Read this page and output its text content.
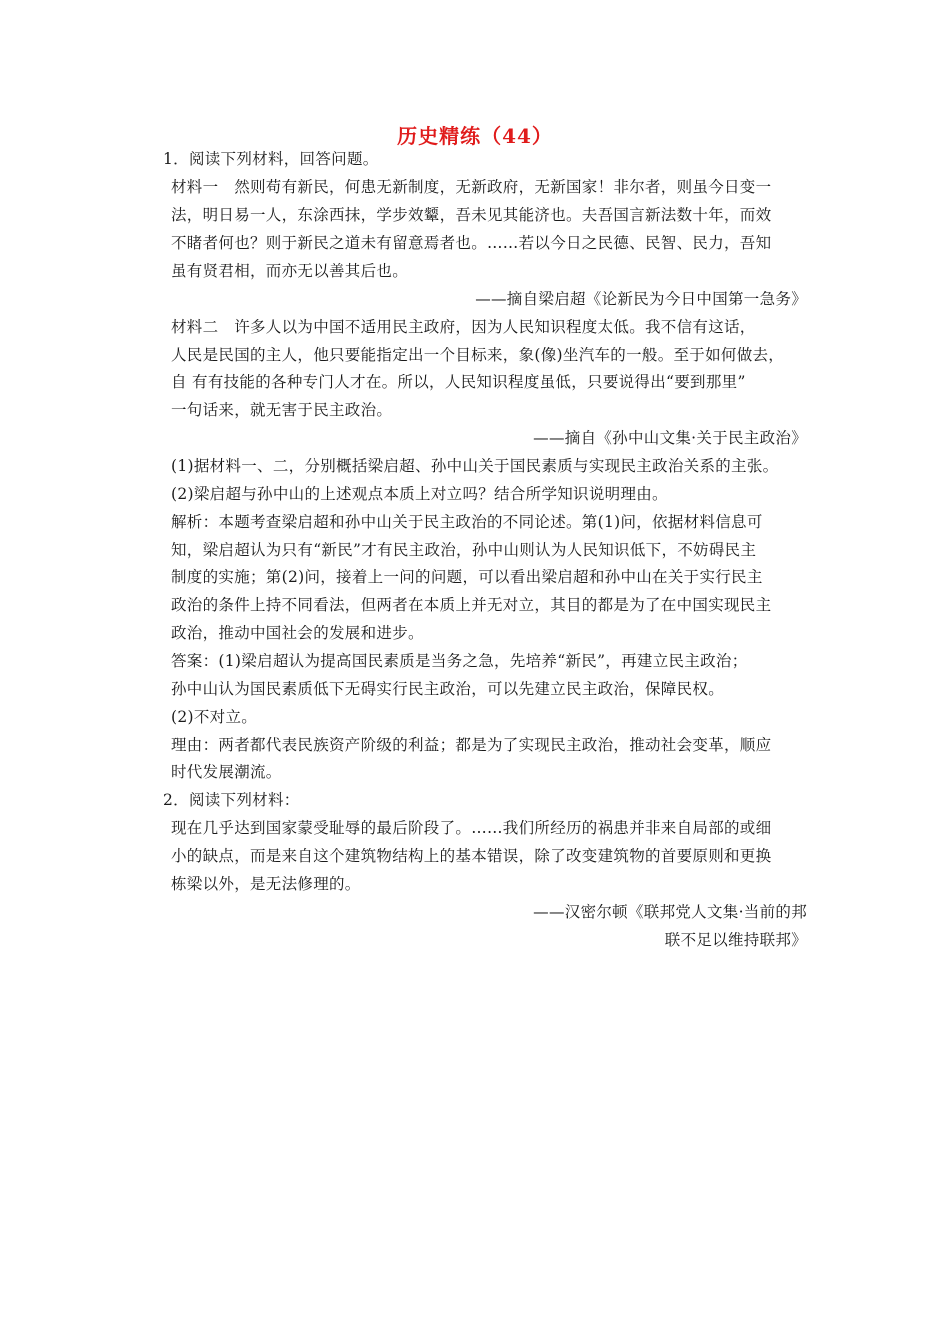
历史精练（44）
1．阅读下列材料，回答问题。
材料一　然则苟有新民，何患无新制度，无新政府，无新国家！非尔者，则虽今日变一
法，明日易一人，东涂西抹，学步效颦，吾未见其能济也。夫吾国言新法数十年，而效
不睹者何也？则于新民之道未有留意焉者也。……若以今日之民德、民智、民力，吾知
虽有贤君相，而亦无以善其后也。
——摘自梁启超《论新民为今日中国第一急务》
材料二　许多人以为中国不适用民主政府，因为人民知识程度太低。我不信有这话，
人民是民国的主人，他只要能指定出一个目标来，象(像)坐汽车的一般。至于如何做去，
自 有有技能的各种专门人才在。所以，人民知识程度虽低，只要说得出“要到那里”
一句话来，就无害于民主政治。
——摘自《孙中山文集·关于民主政治》
(1)据材料一、二，分别概括梁启超、孙中山关于国民素质与实现民主政治关系的主张。
(2)梁启超与孙中山的上述观点本质上对立吗？结合所学知识说明理由。
解析：本题考查梁启超和孙中山关于民主政治的不同论述。第(1)问，依据材料信息可
知，梁启超认为只有“新民”才有民主政治，孙中山则认为人民知识低下，不妨碍民主
制度的实施；第(2)问，接着上一问的问题，可以看出梁启超和孙中山在关于实行民主
政治的条件上持不同看法，但两者在本质上并无对立，其目的都是为了在中国实现民主
政治，推动中国社会的发展和进步。
答案：(1)梁启超认为提高国民素质是当务之急，先培养“新民”，再建立民主政治；
孙中山认为国民素质低下无碍实行民主政治，可以先建立民主政治，保障民权。
(2)不对立。
理由：两者都代表民族资产阶级的利益；都是为了实现民主政治，推动社会变革，顺应
时代发展潮流。
2．阅读下列材料：
现在几乎达到国家蒙受耻辱的最后阶段了。……我们所经历的祸患并非来自局部的或细
小的缺点，而是来自这个建筑物结构上的基本错误，除了改变建筑物的首要原则和更换
栋梁以外，是无法修理的。
——汉密尔顿《联邦党人文集·当前的邦
联不足以维持联邦》
